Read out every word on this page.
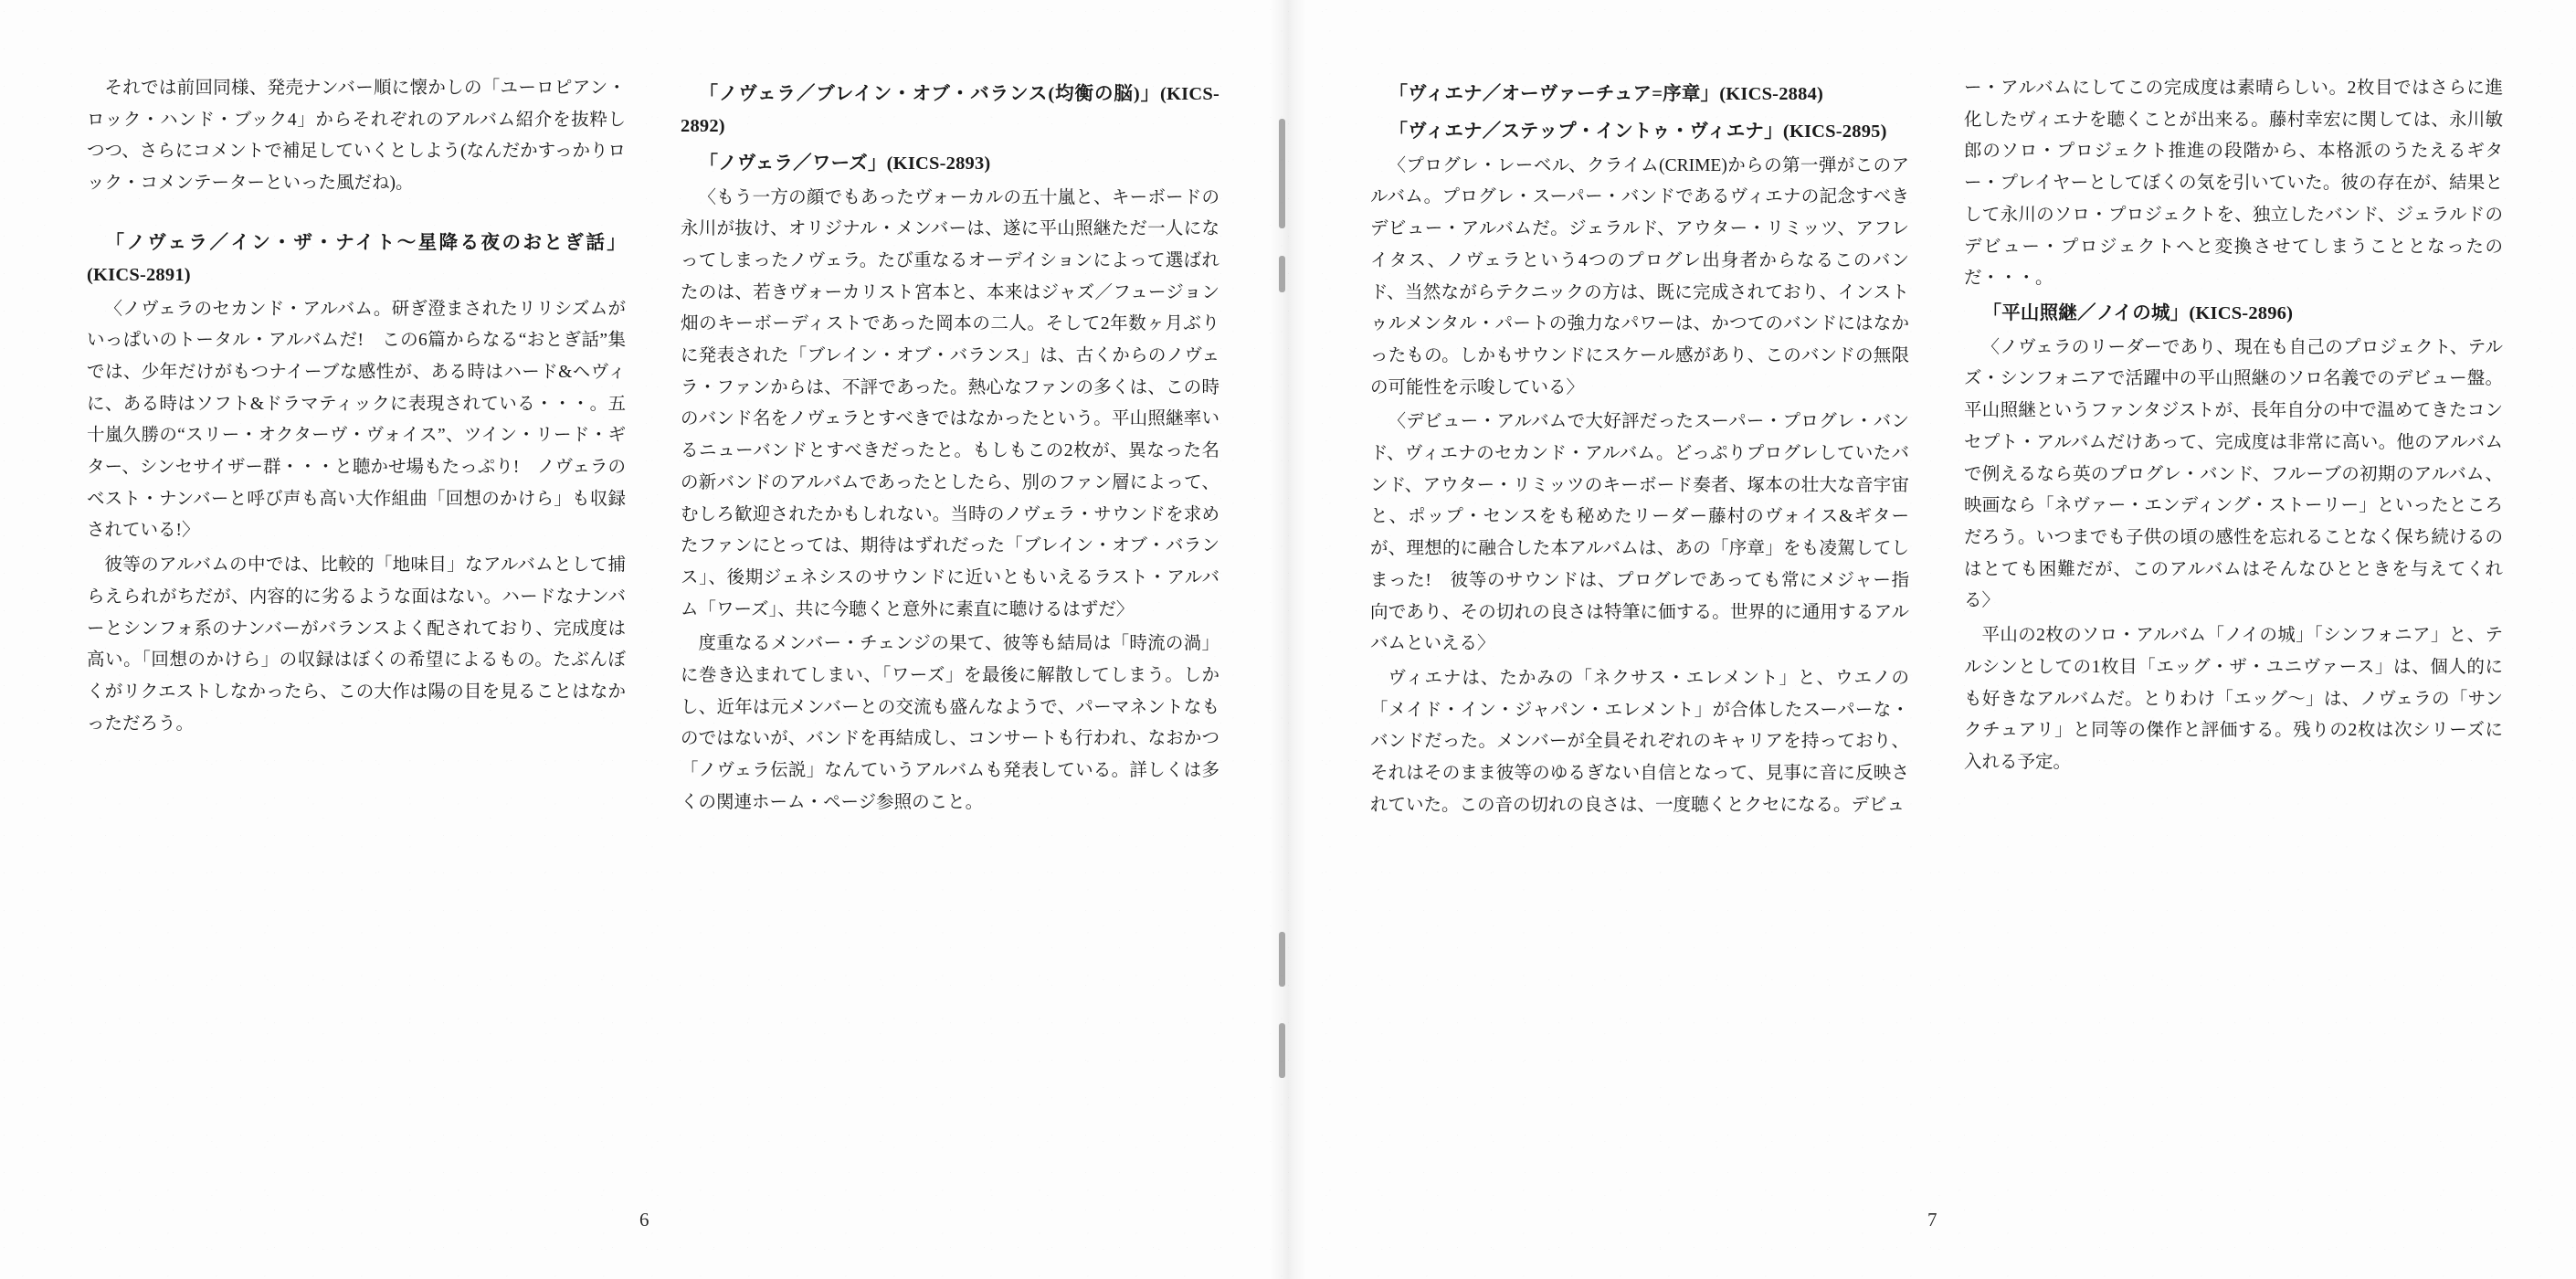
それでは前回同様、発売ナンバー順に懐かしの「ユーロピアン・ロック・ハンド・ブック4」からそれぞれのアルバム紹介を抜粋しつつ、さらにコメントで補足していくとしよう(なんだかすっかりロック・コメンテーターといった風だね)。

「ノヴェラ／イン・ザ・ナイト〜星降る夜のおとぎ話」(KICS-2891)

〈ノヴェラのセカンド・アルバム。研ぎ澄まされたリリシズムがいっぱいのトータル・アルバムだ!　この6篇からなる“おとぎ話”集では、少年だけがもつナイーブな感性が、ある時はハード&ヘヴィに、ある時はソフト&ドラマティックに表現されている・・・。五十嵐久勝の“スリー・オクターヴ・ヴォイス”、ツイン・リード・ギター、シンセサイザー群・・・と聴かせ場もたっぷり!　ノヴェラのベスト・ナンバーと呼び声も高い大作組曲「回想のかけら」も収録されている!〉

彼等のアルバムの中では、比較的「地味目」なアルバムとして捕らえられがちだが、内容的に劣るような面はない。ハードなナンバーとシンフォ系のナンバーがバランスよく配されており、完成度は高い。「回想のかけら」の収録はぼくの希望によるもの。たぶんぼくがリクエストしなかったら、この大作は陽の目を見ることはなかっただろう。

「ノヴェラ／ブレイン・オブ・バランス(均衡の脳)」(KICS-2892)

「ノヴェラ／ワーズ」(KICS-2893)

〈もう一方の顔でもあったヴォーカルの五十嵐と、キーボードの永川が抜け、オリジナル・メンバーは、遂に平山照継ただ一人になってしまったノヴェラ。たび重なるオーデイションによって選ばれたのは、若きヴォーカリスト宮本と、本来はジャズ／フュージョン畑のキーボーディストであった岡本の二人。そして2年数ヶ月ぶりに発表された「ブレイン・オブ・バランス」は、古くからのノヴェラ・ファンからは、不評であった。熱心なファンの多くは、この時のバンド名をノヴェラとすべきではなかったという。平山照継率いるニューバンドとすべきだったと。もしもこの2枚が、異なった名の新バンドのアルバムであったとしたら、別のファン層によって、むしろ歓迎されたかもしれない。当時のノヴェラ・サウンドを求めたファンにとっては、期待はずれだった「ブレイン・オブ・バランス」、後期ジェネシスのサウンドに近いともいえるラスト・アルバム「ワーズ」、共に今聴くと意外に素直に聴けるはずだ〉

度重なるメンバー・チェンジの果て、彼等も結局は「時流の渦」に巻き込まれてしまい、「ワーズ」を最後に解散してしまう。しかし、近年は元メンバーとの交流も盛んなようで、パーマネントなものではないが、バンドを再結成し、コンサートも行われ、なおかつ「ノヴェラ伝説」なんていうアルバムも発表している。詳しくは多くの関連ホーム・ページ参照のこと。

6

「ヴィエナ／オーヴァーチュア=序章」(KICS-2884)

「ヴィエナ／ステップ・イントゥ・ヴィエナ」(KICS-2895)

〈プログレ・レーベル、クライム(CRIME)からの第一弾がこのアルバム。プログレ・スーパー・バンドであるヴィエナの記念すべきデビュー・アルバムだ。ジェラルド、アウター・リミッツ、アフレイタス、ノヴェラという4つのプログレ出身者からなるこのバンド、当然ながらテクニックの方は、既に完成されており、インストゥルメンタル・パートの強力なパワーは、かつてのバンドにはなかったもの。しかもサウンドにスケール感があり、このバンドの無限の可能性を示唆している〉

〈デビュー・アルバムで大好評だったスーパー・プログレ・バンド、ヴィエナのセカンド・アルバム。どっぷりプログレしていたバンド、アウター・リミッツのキーボード奏者、塚本の壮大な音宇宙と、ポップ・センスをも秘めたリーダー藤村のヴォイス&ギターが、理想的に融合した本アルバムは、あの「序章」をも凌駕してしまった!　彼等のサウンドは、プログレであっても常にメジャー指向であり、その切れの良さは特筆に価する。世界的に通用するアルバムといえる〉

ヴィエナは、たかみの「ネクサス・エレメント」と、ウエノの「メイド・イン・ジャパン・エレメント」が合体したスーパーな・バンドだった。メンバーが全員それぞれのキャリアを持っており、それはそのまま彼等のゆるぎない自信となって、見事に音に反映されていた。この音の切れの良さは、一度聴くとクセになる。デビュ

ー・アルバムにしてこの完成度は素晴らしい。2枚目ではさらに進化したヴィエナを聴くことが出来る。藤村幸宏に関しては、永川敏郎のソロ・プロジェクト推進の段階から、本格派のうたえるギター・プレイヤーとしてぼくの気を引いていた。彼の存在が、結果として永川のソロ・プロジェクトを、独立したバンド、ジェラルドのデビュー・プロジェクトへと変換させてしまうこととなったのだ・・・。

「平山照継／ノイの城」(KICS-2896)

〈ノヴェラのリーダーであり、現在も自己のプロジェクト、テルズ・シンフォニアで活躍中の平山照継のソロ名義でのデビュー盤。平山照継というファンタジストが、長年自分の中で温めてきたコンセプト・アルバムだけあって、完成度は非常に高い。他のアルバムで例えるなら英のプログレ・バンド、フルーブの初期のアルバム、映画なら「ネヴァー・エンディング・ストーリー」といったところだろう。いつまでも子供の頃の感性を忘れることなく保ち続けるのはとても困難だが、このアルバムはそんなひとときを与えてくれる〉

平山の2枚のソロ・アルバム「ノイの城」「シンフォニア」と、テルシンとしての1枚目「エッグ・ザ・ユニヴァース」は、個人的にも好きなアルバムだ。とりわけ「エッグ〜」は、ノヴェラの「サンクチュアリ」と同等の傑作と評価する。残りの2枚は次シリーズに入れる予定。

7
